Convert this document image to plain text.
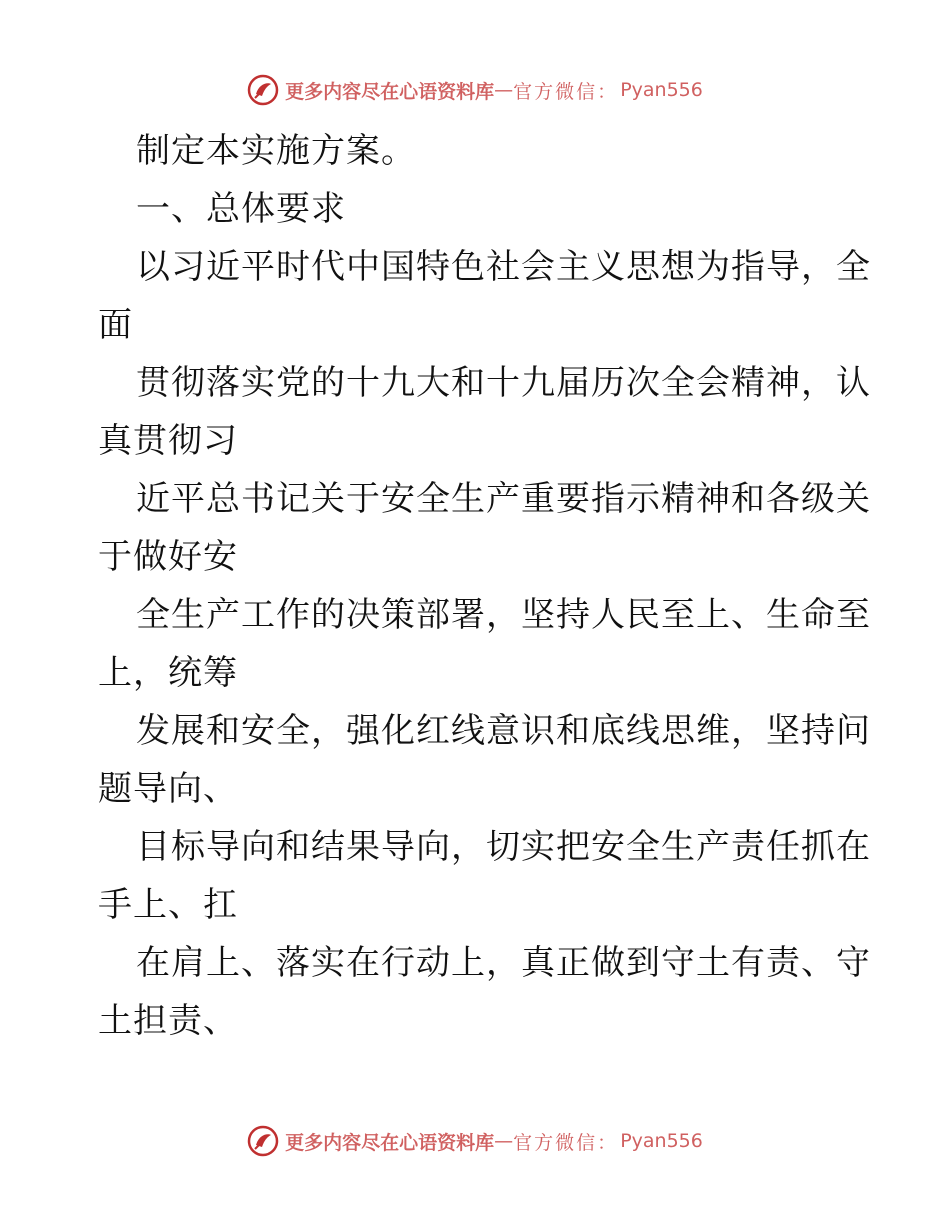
更多内容尽在心语资料库 — 官方微信： Pyan556
制定本实施方案。
一、总体要求
以习近平时代中国特色社会主义思想为指导，全
面
贯彻落实党的十九大和十九届历次全会精神，认
真贯彻习
近平总书记关于安全生产重要指示精神和各级关
于做好安
全生产工作的决策部署，坚持人民至上、生命至
上，统筹
发展和安全，强化红线意识和底线思维，坚持问
题导向、
目标导向和结果导向，切实把安全生产责任抓在
手上、扛
在肩上、落实在行动上，真正做到守土有责、守
土担责、
更多内容尽在心语资料库 — 官方微信： Pyan556
